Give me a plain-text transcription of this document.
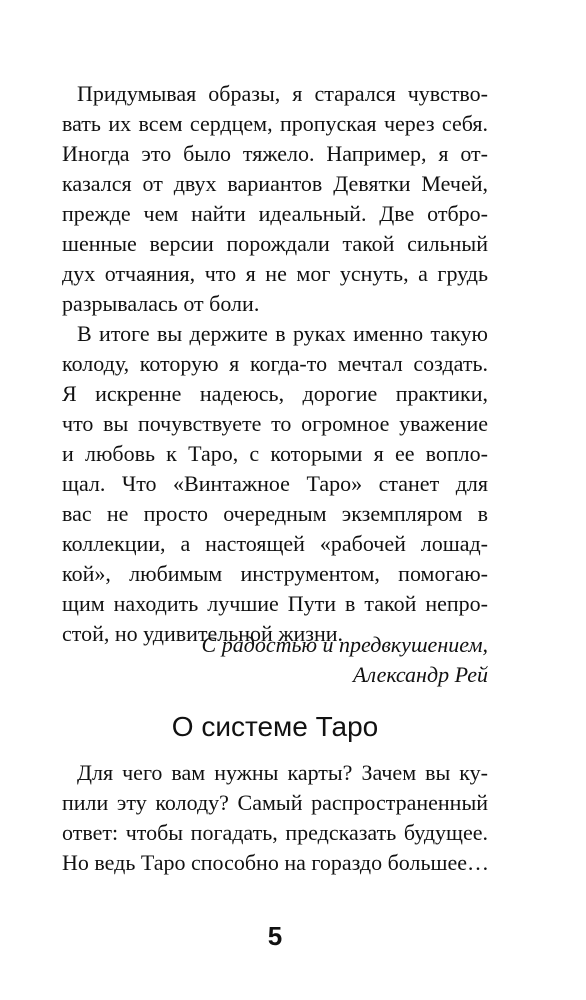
Придумывая образы, я старался чувство-
вать их всем сердцем, пропуская через себя.
Иногда это было тяжело. Например, я от-
казался от двух вариантов Девятки Мечей,
прежде чем найти идеальный. Две отбро-
шенные версии порождали такой сильный
дух отчаяния, что я не мог уснуть, а грудь
разрывалась от боли.
В итоге вы держите в руках именно такую
колоду, которую я когда-то мечтал создать.
Я искренне надеюсь, дорогие практики,
что вы почувствуете то огромное уважение
и любовь к Таро, с которыми я ее вопло-
щал. Что «Винтажное Таро» станет для
вас не просто очередным экземпляром в
коллекции, а настоящей «рабочей лошад-
кой», любимым инструментом, помогаю-
щим находить лучшие Пути в такой непро-
стой, но удивительной жизни.
С радостью и предвкушением,
Александр Рей
О системе Таро
Для чего вам нужны карты? Зачем вы ку-
пили эту колоду? Самый распространенный
ответ: чтобы погадать, предсказать будущее.
Но ведь Таро способно на гораздо большее…
5
